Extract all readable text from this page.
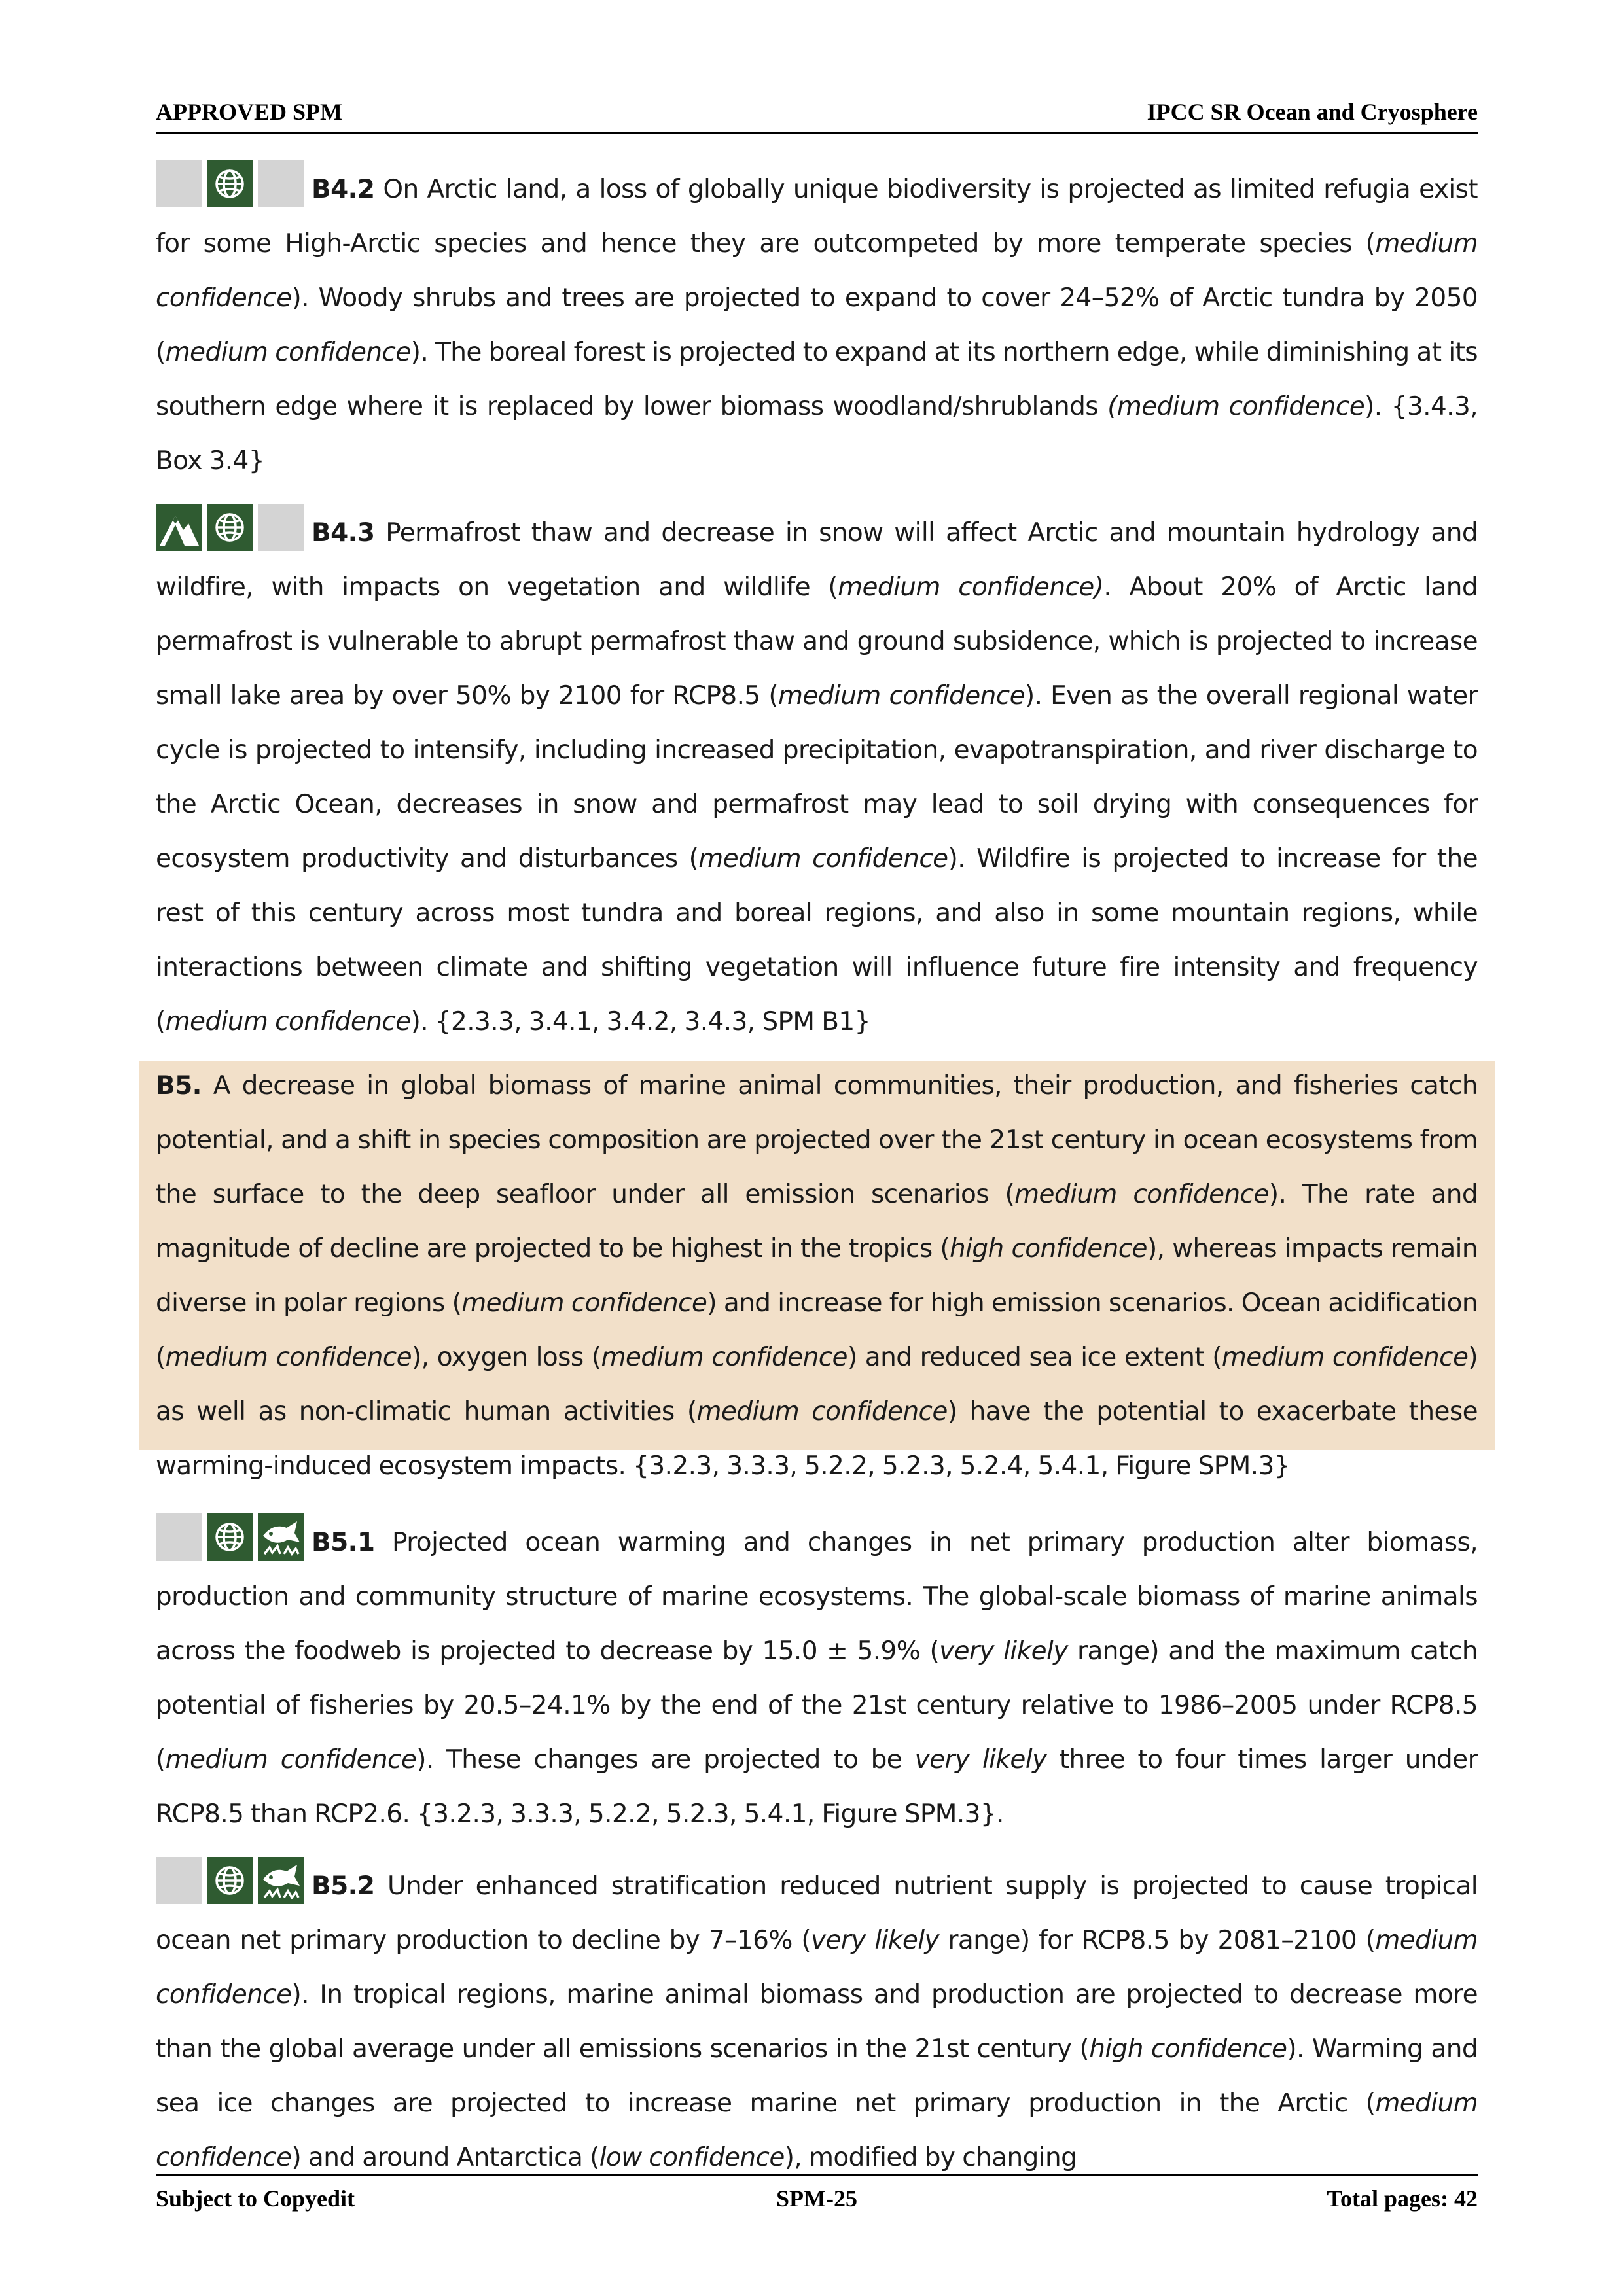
APPROVED SPM	IPCC SR Ocean and Cryosphere
B4.2 On Arctic land, a loss of globally unique biodiversity is projected as limited refugia exist for some High-Arctic species and hence they are outcompeted by more temperate species (medium confidence). Woody shrubs and trees are projected to expand to cover 24–52% of Arctic tundra by 2050 (medium confidence). The boreal forest is projected to expand at its northern edge, while diminishing at its southern edge where it is replaced by lower biomass woodland/shrublands (medium confidence). {3.4.3, Box 3.4}
B4.3 Permafrost thaw and decrease in snow will affect Arctic and mountain hydrology and wildfire, with impacts on vegetation and wildlife (medium confidence). About 20% of Arctic land permafrost is vulnerable to abrupt permafrost thaw and ground subsidence, which is projected to increase small lake area by over 50% by 2100 for RCP8.5 (medium confidence). Even as the overall regional water cycle is projected to intensify, including increased precipitation, evapotranspiration, and river discharge to the Arctic Ocean, decreases in snow and permafrost may lead to soil drying with consequences for ecosystem productivity and disturbances (medium confidence). Wildfire is projected to increase for the rest of this century across most tundra and boreal regions, and also in some mountain regions, while interactions between climate and shifting vegetation will influence future fire intensity and frequency (medium confidence). {2.3.3, 3.4.1, 3.4.2, 3.4.3, SPM B1}
B5. A decrease in global biomass of marine animal communities, their production, and fisheries catch potential, and a shift in species composition are projected over the 21st century in ocean ecosystems from the surface to the deep seafloor under all emission scenarios (medium confidence). The rate and magnitude of decline are projected to be highest in the tropics (high confidence), whereas impacts remain diverse in polar regions (medium confidence) and increase for high emission scenarios. Ocean acidification (medium confidence), oxygen loss (medium confidence) and reduced sea ice extent (medium confidence) as well as non-climatic human activities (medium confidence) have the potential to exacerbate these warming-induced ecosystem impacts. {3.2.3, 3.3.3, 5.2.2, 5.2.3, 5.2.4, 5.4.1, Figure SPM.3}
B5.1 Projected ocean warming and changes in net primary production alter biomass, production and community structure of marine ecosystems. The global-scale biomass of marine animals across the foodweb is projected to decrease by 15.0 ± 5.9% (very likely range) and the maximum catch potential of fisheries by 20.5–24.1% by the end of the 21st century relative to 1986–2005 under RCP8.5 (medium confidence). These changes are projected to be very likely three to four times larger under RCP8.5 than RCP2.6. {3.2.3, 3.3.3, 5.2.2, 5.2.3, 5.4.1, Figure SPM.3}.
B5.2 Under enhanced stratification reduced nutrient supply is projected to cause tropical ocean net primary production to decline by 7–16% (very likely range) for RCP8.5 by 2081–2100 (medium confidence). In tropical regions, marine animal biomass and production are projected to decrease more than the global average under all emissions scenarios in the 21st century (high confidence). Warming and sea ice changes are projected to increase marine net primary production in the Arctic (medium confidence) and around Antarctica (low confidence), modified by changing
Subject to Copyedit	SPM-25	Total pages: 42
